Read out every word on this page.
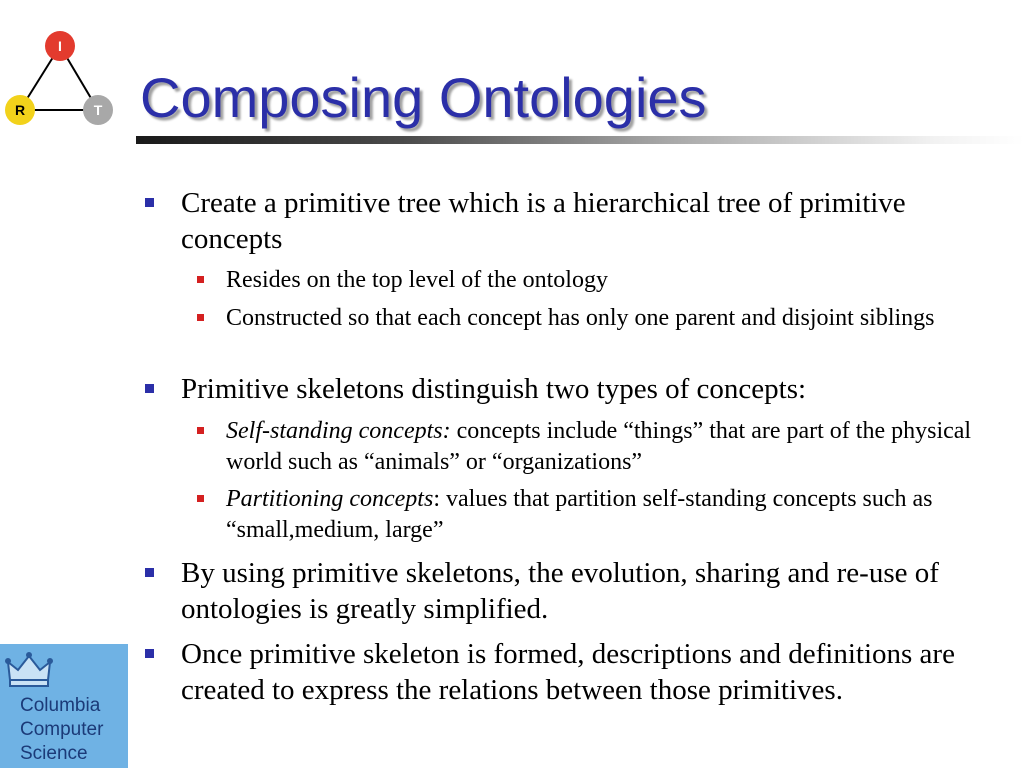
I
R	T Composing Ontologies
Create a primitive tree which is a hierarchical tree of primitive concepts
Resides on the top level of the ontology
Constructed so that each concept has only one parent and disjoint siblings
Primitive skeletons distinguish two types of concepts:
Self-standing concepts: concepts include “things” that are part of the physical world such as “animals” or “organizations”
Partitioning concepts: values that partition self-standing concepts such as “small,medium, large”
By using primitive skeletons, the evolution, sharing and re-use of ontologies is greatly simplified.
Once primitive skeleton is formed, descriptions and definitions are created to express the relations between those primitives.
Columbia
Computer
Science
